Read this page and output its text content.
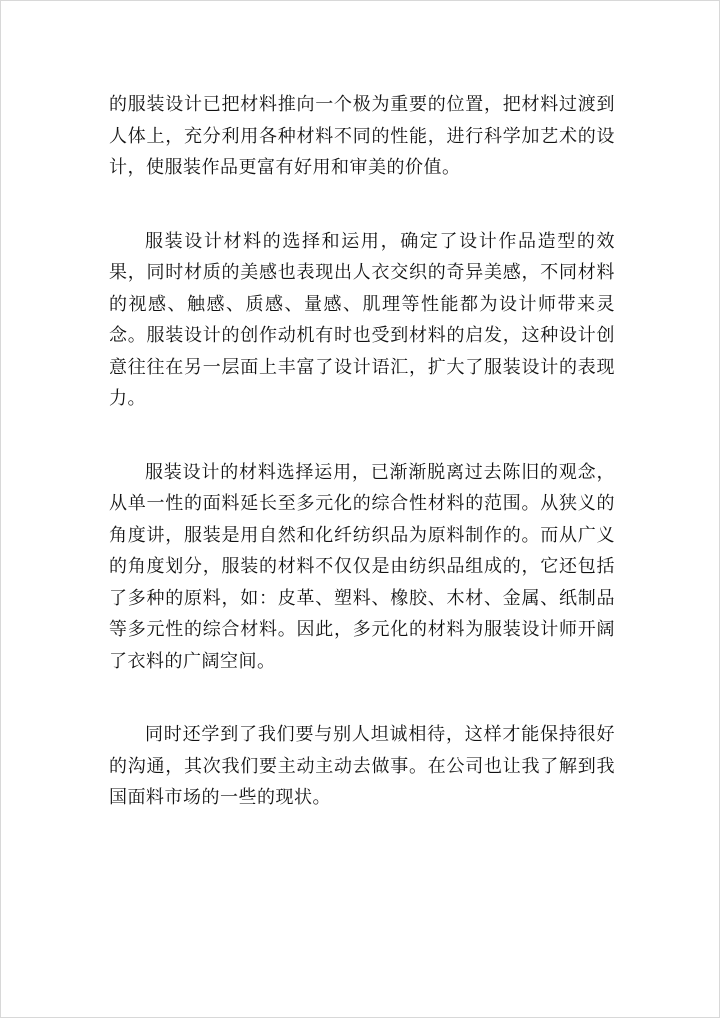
的服装设计已把材料推向一个极为重要的位置，把材料过渡到人体上，充分利用各种材料不同的性能，进行科学加艺术的设计，使服装作品更富有好用和审美的价值。

服装设计材料的选择和运用，确定了设计作品造型的效果，同时材质的美感也表现出人衣交织的奇异美感，不同材料的视感、触感、质感、量感、肌理等性能都为设计师带来灵念。服装设计的创作动机有时也受到材料的启发，这种设计创意往往在另一层面上丰富了设计语汇，扩大了服装设计的表现力。

服装设计的材料选择运用，已渐渐脱离过去陈旧的观念，从单一性的面料延长至多元化的综合性材料的范围。从狭义的角度讲，服装是用自然和化纤纺织品为原料制作的。而从广义的角度划分，服装的材料不仅仅是由纺织品组成的，它还包括了多种的原料，如：皮革、塑料、橡胶、木材、金属、纸制品等多元性的综合材料。因此，多元化的材料为服装设计师开阔了衣料的广阔空间。

同时还学到了我们要与别人坦诚相待，这样才能保持很好的沟通，其次我们要主动主动去做事。在公司也让我了解到我国面料市场的一些的现状。
